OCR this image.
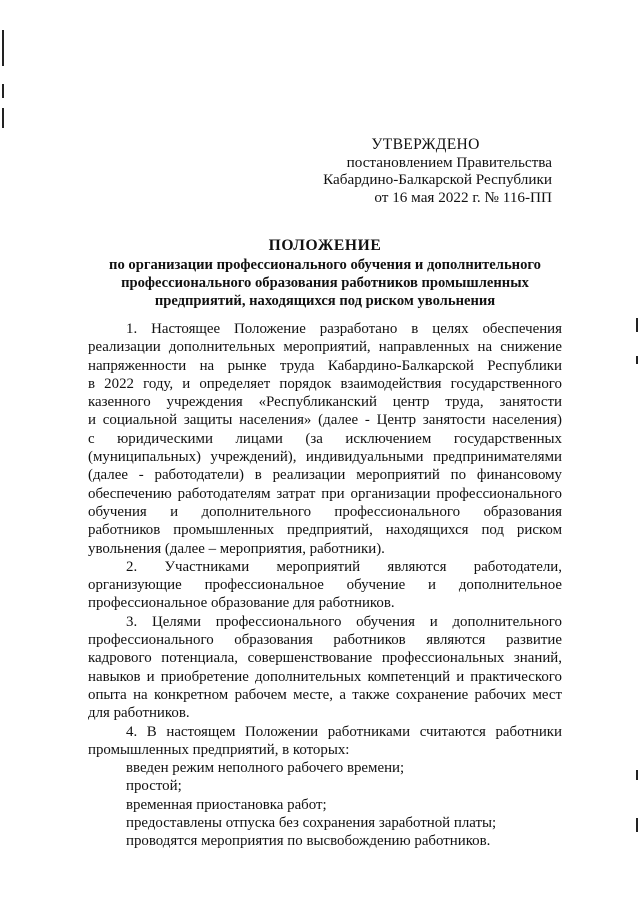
УТВЕРЖДЕНО
постановлением Правительства
Кабардино-Балкарской Республики
от 16 мая 2022 г. № 116-ПП
ПОЛОЖЕНИЕ
по организации профессионального обучения и дополнительного
профессионального образования работников промышленных
предприятий, находящихся под риском увольнения
1. Настоящее Положение разработано в целях обеспечения
реализации дополнительных мероприятий, направленных на снижение
напряженности на рынке труда Кабардино-Балкарской Республики
в 2022 году, и определяет порядок взаимодействия государственного
казенного учреждения «Республиканский центр труда, занятости
и социальной защиты населения» (далее - Центр занятости населения)
с юридическими лицами (за исключением государственных
(муниципальных) учреждений), индивидуальными предпринимателями
(далее - работодатели) в реализации мероприятий по финансовому
обеспечению работодателям затрат при организации профессионального
обучения и дополнительного профессионального образования
работников промышленных предприятий, находящихся под риском
увольнения (далее – мероприятия, работники).
2. Участниками мероприятий являются работодатели,
организующие профессиональное обучение и дополнительное
профессиональное образование для работников.
3. Целями профессионального обучения и дополнительного
профессионального образования работников являются развитие
кадрового потенциала, совершенствование профессиональных знаний,
навыков и приобретение дополнительных компетенций и практического
опыта на конкретном рабочем месте, а также сохранение рабочих мест
для работников.
4. В настоящем Положении работниками считаются работники
промышленных предприятий, в которых:
введен режим неполного рабочего времени;
простой;
временная приостановка работ;
предоставлены отпуска без сохранения заработной платы;
проводятся мероприятия по высвобождению работников.
